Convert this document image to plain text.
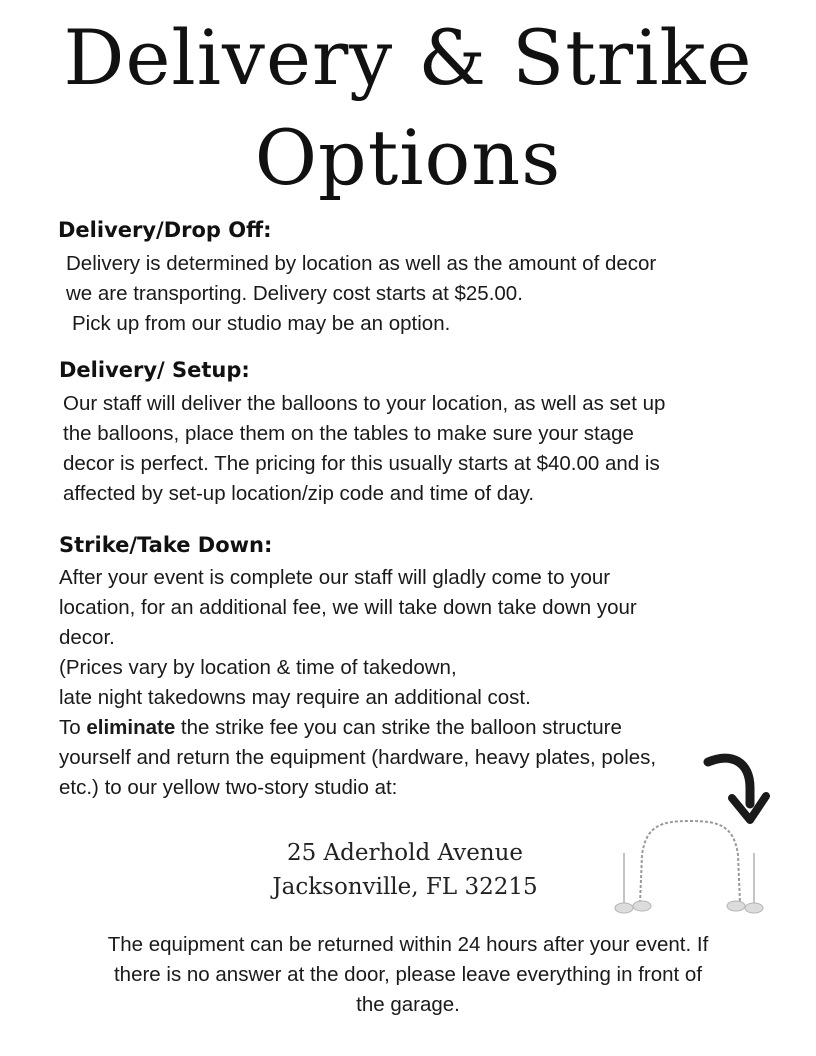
Delivery & Strike
Options
Delivery/Drop Off:
Delivery is determined by location as well as the amount of decor
we are transporting. Delivery cost starts at $25.00.
Pick up from our studio may be an option.
Delivery/ Setup:
Our staff will deliver the balloons to your location, as well as set up
the balloons, place them on the tables to make sure your stage
decor is perfect. The pricing for this usually starts at $40.00 and is
affected by set-up location/zip code and time of day.
Strike/Take Down:
After your event is complete our staff will gladly come to your
location, for an additional fee, we will take down take down your
decor.
(Prices vary by location & time of takedown,
late night takedowns may require an additional cost.
To eliminate the strike fee you can strike the balloon structure
yourself and return the equipment (hardware, heavy plates, poles,
etc.) to our yellow two-story studio at:
25 Aderhold Avenue
Jacksonville, FL 32215
The equipment can be returned within 24 hours after your event. If
there is no answer at the door, please leave everything in front of
the garage.
